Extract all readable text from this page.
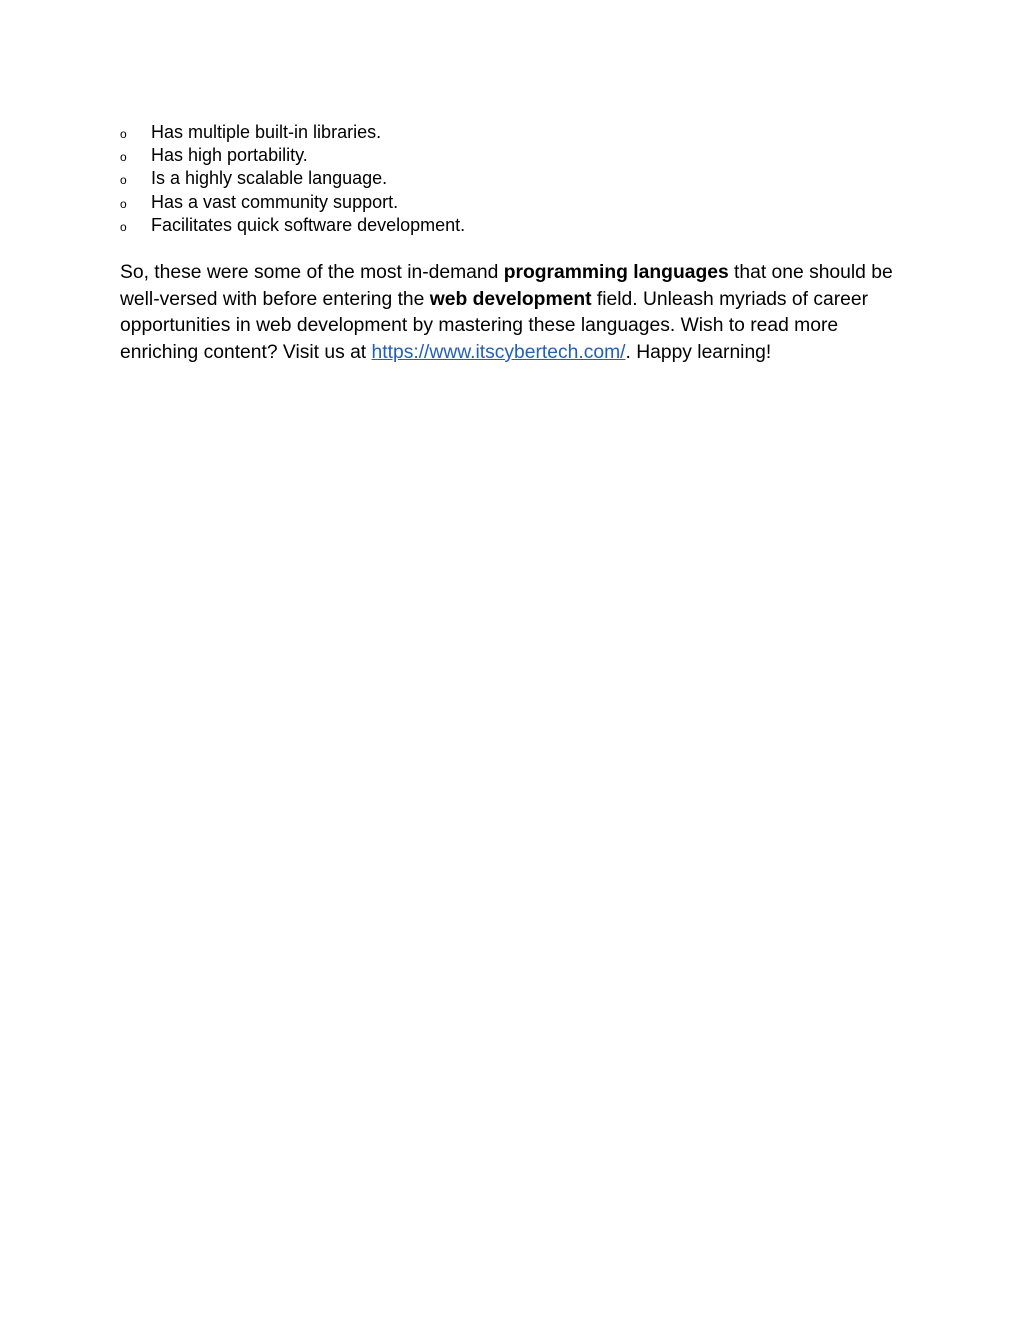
o Has multiple built-in libraries.
o Has high portability.
o Is a highly scalable language.
o Has a vast community support.
o Facilitates quick software development.

So, these were some of the most in-demand programming languages that one should be well-versed with before entering the web development field. Unleash myriads of career opportunities in web development by mastering these languages. Wish to read more enriching content? Visit us at https://www.itscybertech.com/. Happy learning!
